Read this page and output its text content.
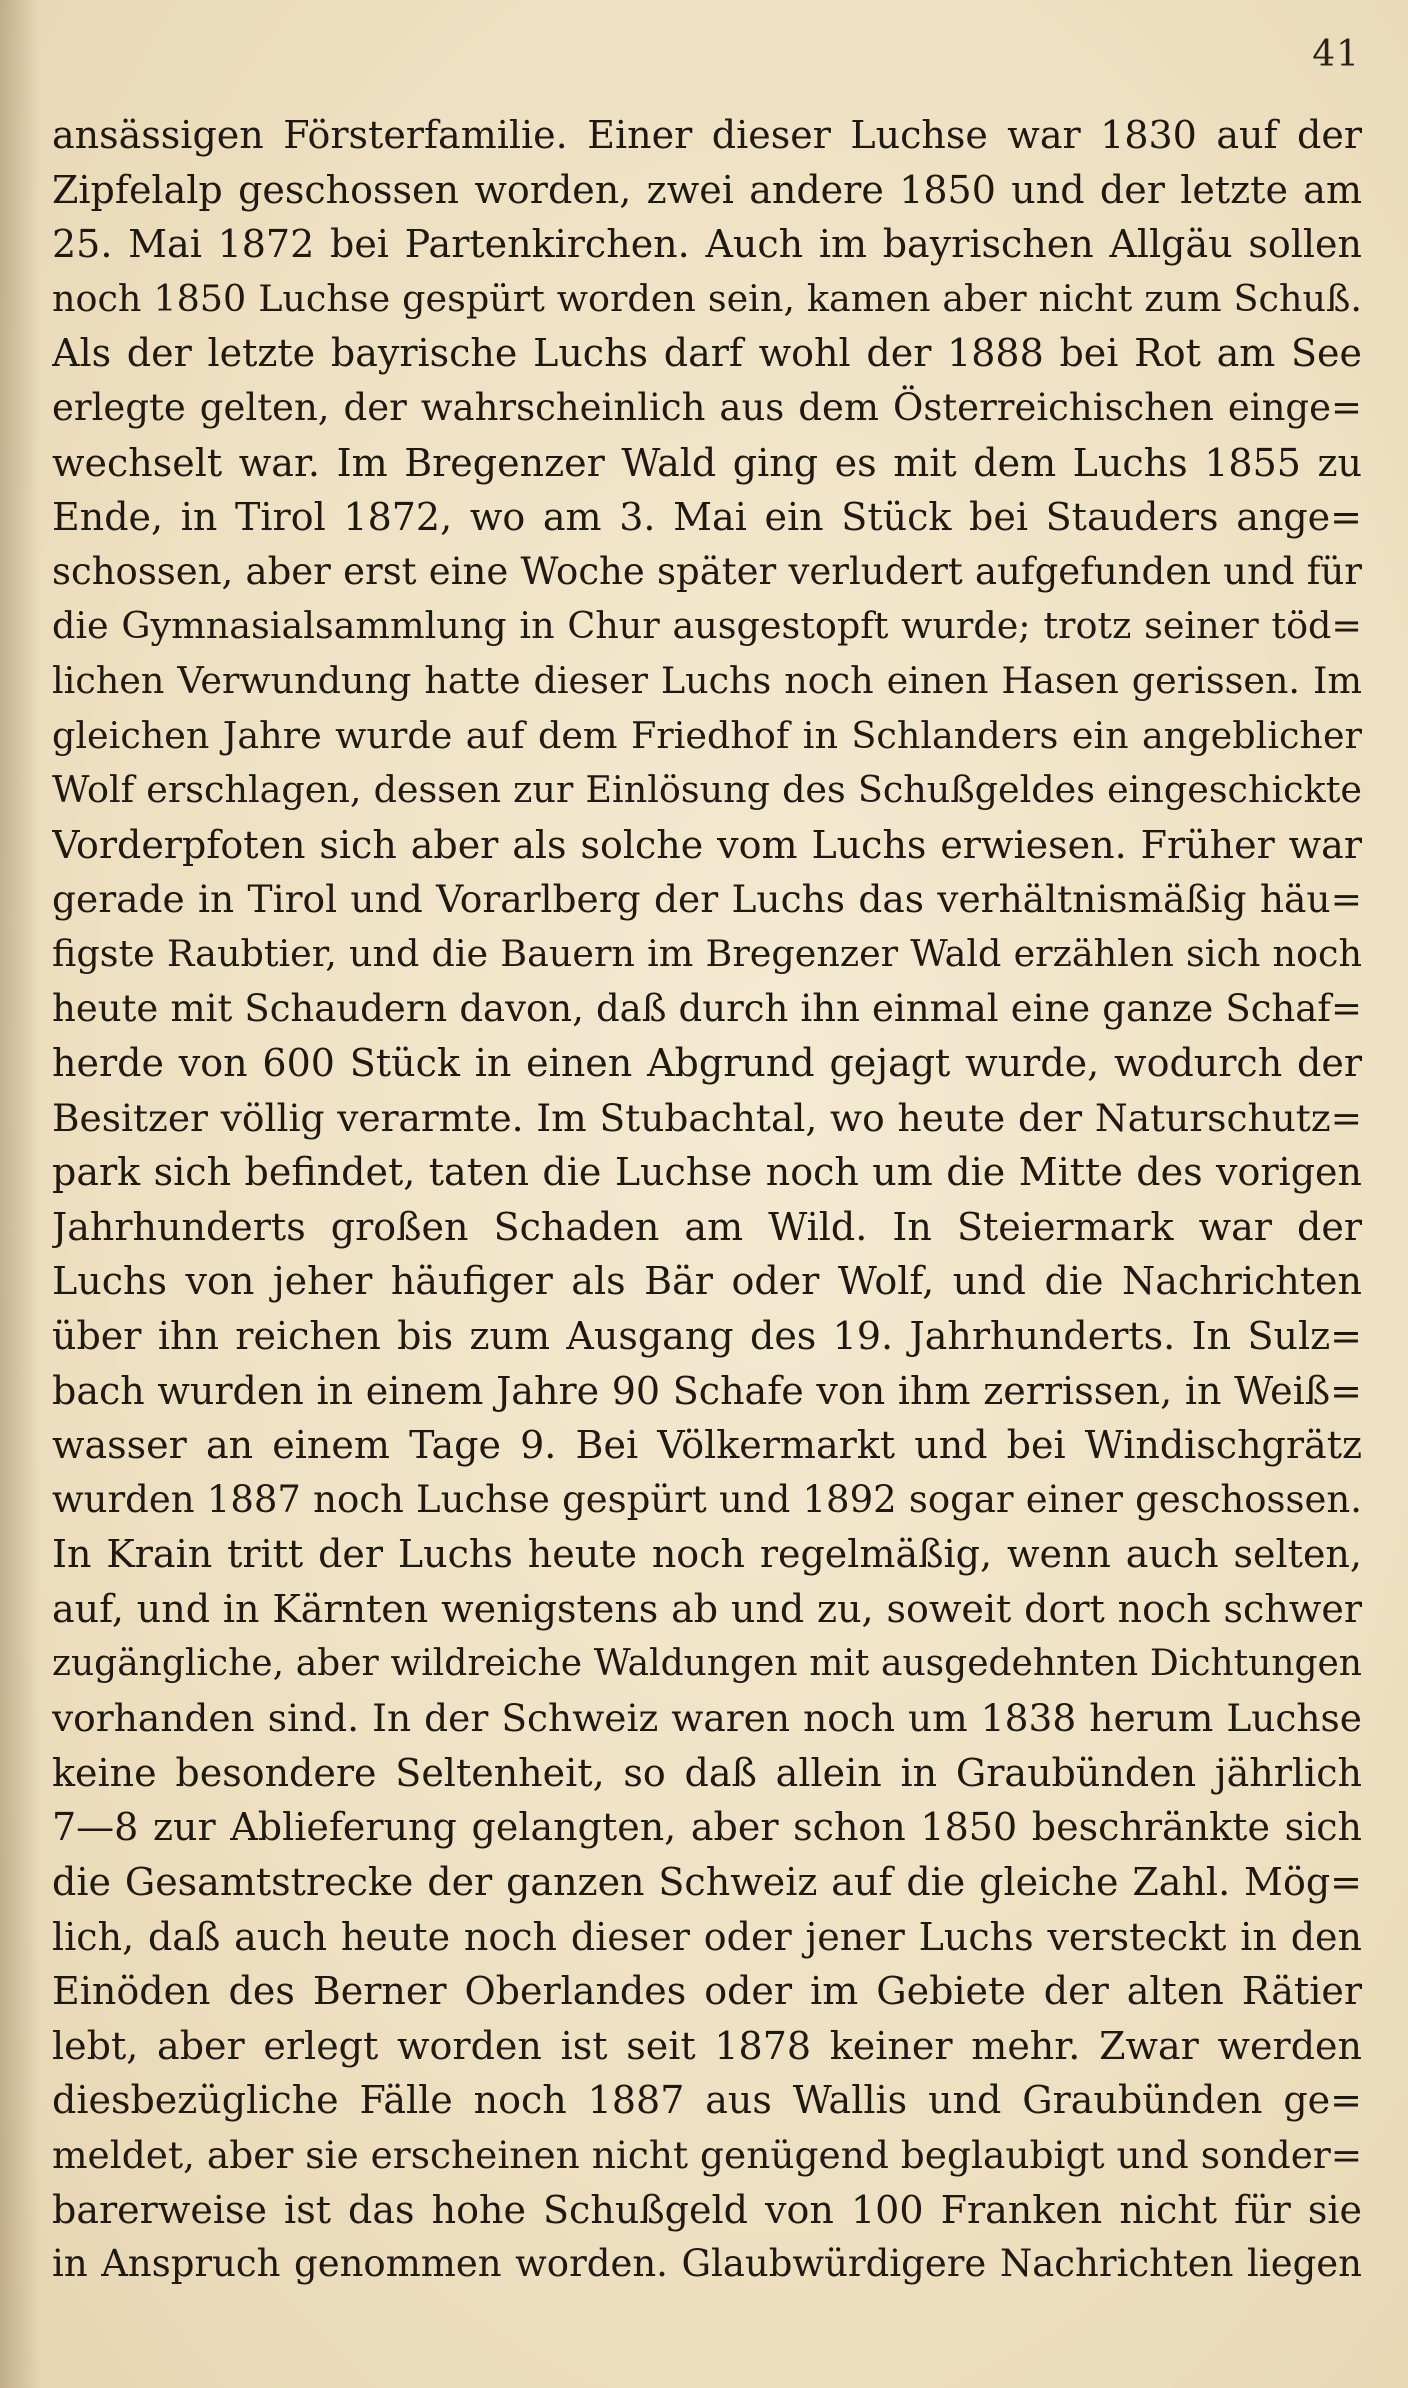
41
ansässigen Försterfamilie. Einer dieser Luchse war 1830 auf der
Zipfelalp geschossen worden, zwei andere 1850 und der letzte am
25. Mai 1872 bei Partenkirchen. Auch im bayrischen Allgäu sollen
noch 1850 Luchse gespürt worden sein, kamen aber nicht zum Schuß.
Als der letzte bayrische Luchs darf wohl der 1888 bei Rot am See
erlegte gelten, der wahrscheinlich aus dem Österreichischen einge=
wechselt war. Im Bregenzer Wald ging es mit dem Luchs 1855 zu
Ende, in Tirol 1872, wo am 3. Mai ein Stück bei Stauders ange=
schossen, aber erst eine Woche später verludert aufgefunden und für
die Gymnasialsammlung in Chur ausgestopft wurde; trotz seiner töd=
lichen Verwundung hatte dieser Luchs noch einen Hasen gerissen. Im
gleichen Jahre wurde auf dem Friedhof in Schlanders ein angeblicher
Wolf erschlagen, dessen zur Einlösung des Schußgeldes eingeschickte
Vorderpfoten sich aber als solche vom Luchs erwiesen. Früher war
gerade in Tirol und Vorarlberg der Luchs das verhältnismäßig häu=
figste Raubtier, und die Bauern im Bregenzer Wald erzählen sich noch
heute mit Schaudern davon, daß durch ihn einmal eine ganze Schaf=
herde von 600 Stück in einen Abgrund gejagt wurde, wodurch der
Besitzer völlig verarmte. Im Stubachtal, wo heute der Naturschutz=
park sich befindet, taten die Luchse noch um die Mitte des vorigen
Jahrhunderts großen Schaden am Wild. In Steiermark war der
Luchs von jeher häufiger als Bär oder Wolf, und die Nachrichten
über ihn reichen bis zum Ausgang des 19. Jahrhunderts. In Sulz=
bach wurden in einem Jahre 90 Schafe von ihm zerrissen, in Weiß=
wasser an einem Tage 9. Bei Völkermarkt und bei Windischgrätz
wurden 1887 noch Luchse gespürt und 1892 sogar einer geschossen.
In Krain tritt der Luchs heute noch regelmäßig, wenn auch selten,
auf, und in Kärnten wenigstens ab und zu, soweit dort noch schwer
zugängliche, aber wildreiche Waldungen mit ausgedehnten Dichtungen
vorhanden sind. In der Schweiz waren noch um 1838 herum Luchse
keine besondere Seltenheit, so daß allein in Graubünden jährlich
7—8 zur Ablieferung gelangten, aber schon 1850 beschränkte sich
die Gesamtstrecke der ganzen Schweiz auf die gleiche Zahl. Mög=
lich, daß auch heute noch dieser oder jener Luchs versteckt in den
Einöden des Berner Oberlandes oder im Gebiete der alten Rätier
lebt, aber erlegt worden ist seit 1878 keiner mehr. Zwar werden
diesbezügliche Fälle noch 1887 aus Wallis und Graubünden ge=
meldet, aber sie erscheinen nicht genügend beglaubigt und sonder=
barerweise ist das hohe Schußgeld von 100 Franken nicht für sie
in Anspruch genommen worden. Glaubwürdigere Nachrichten liegen
